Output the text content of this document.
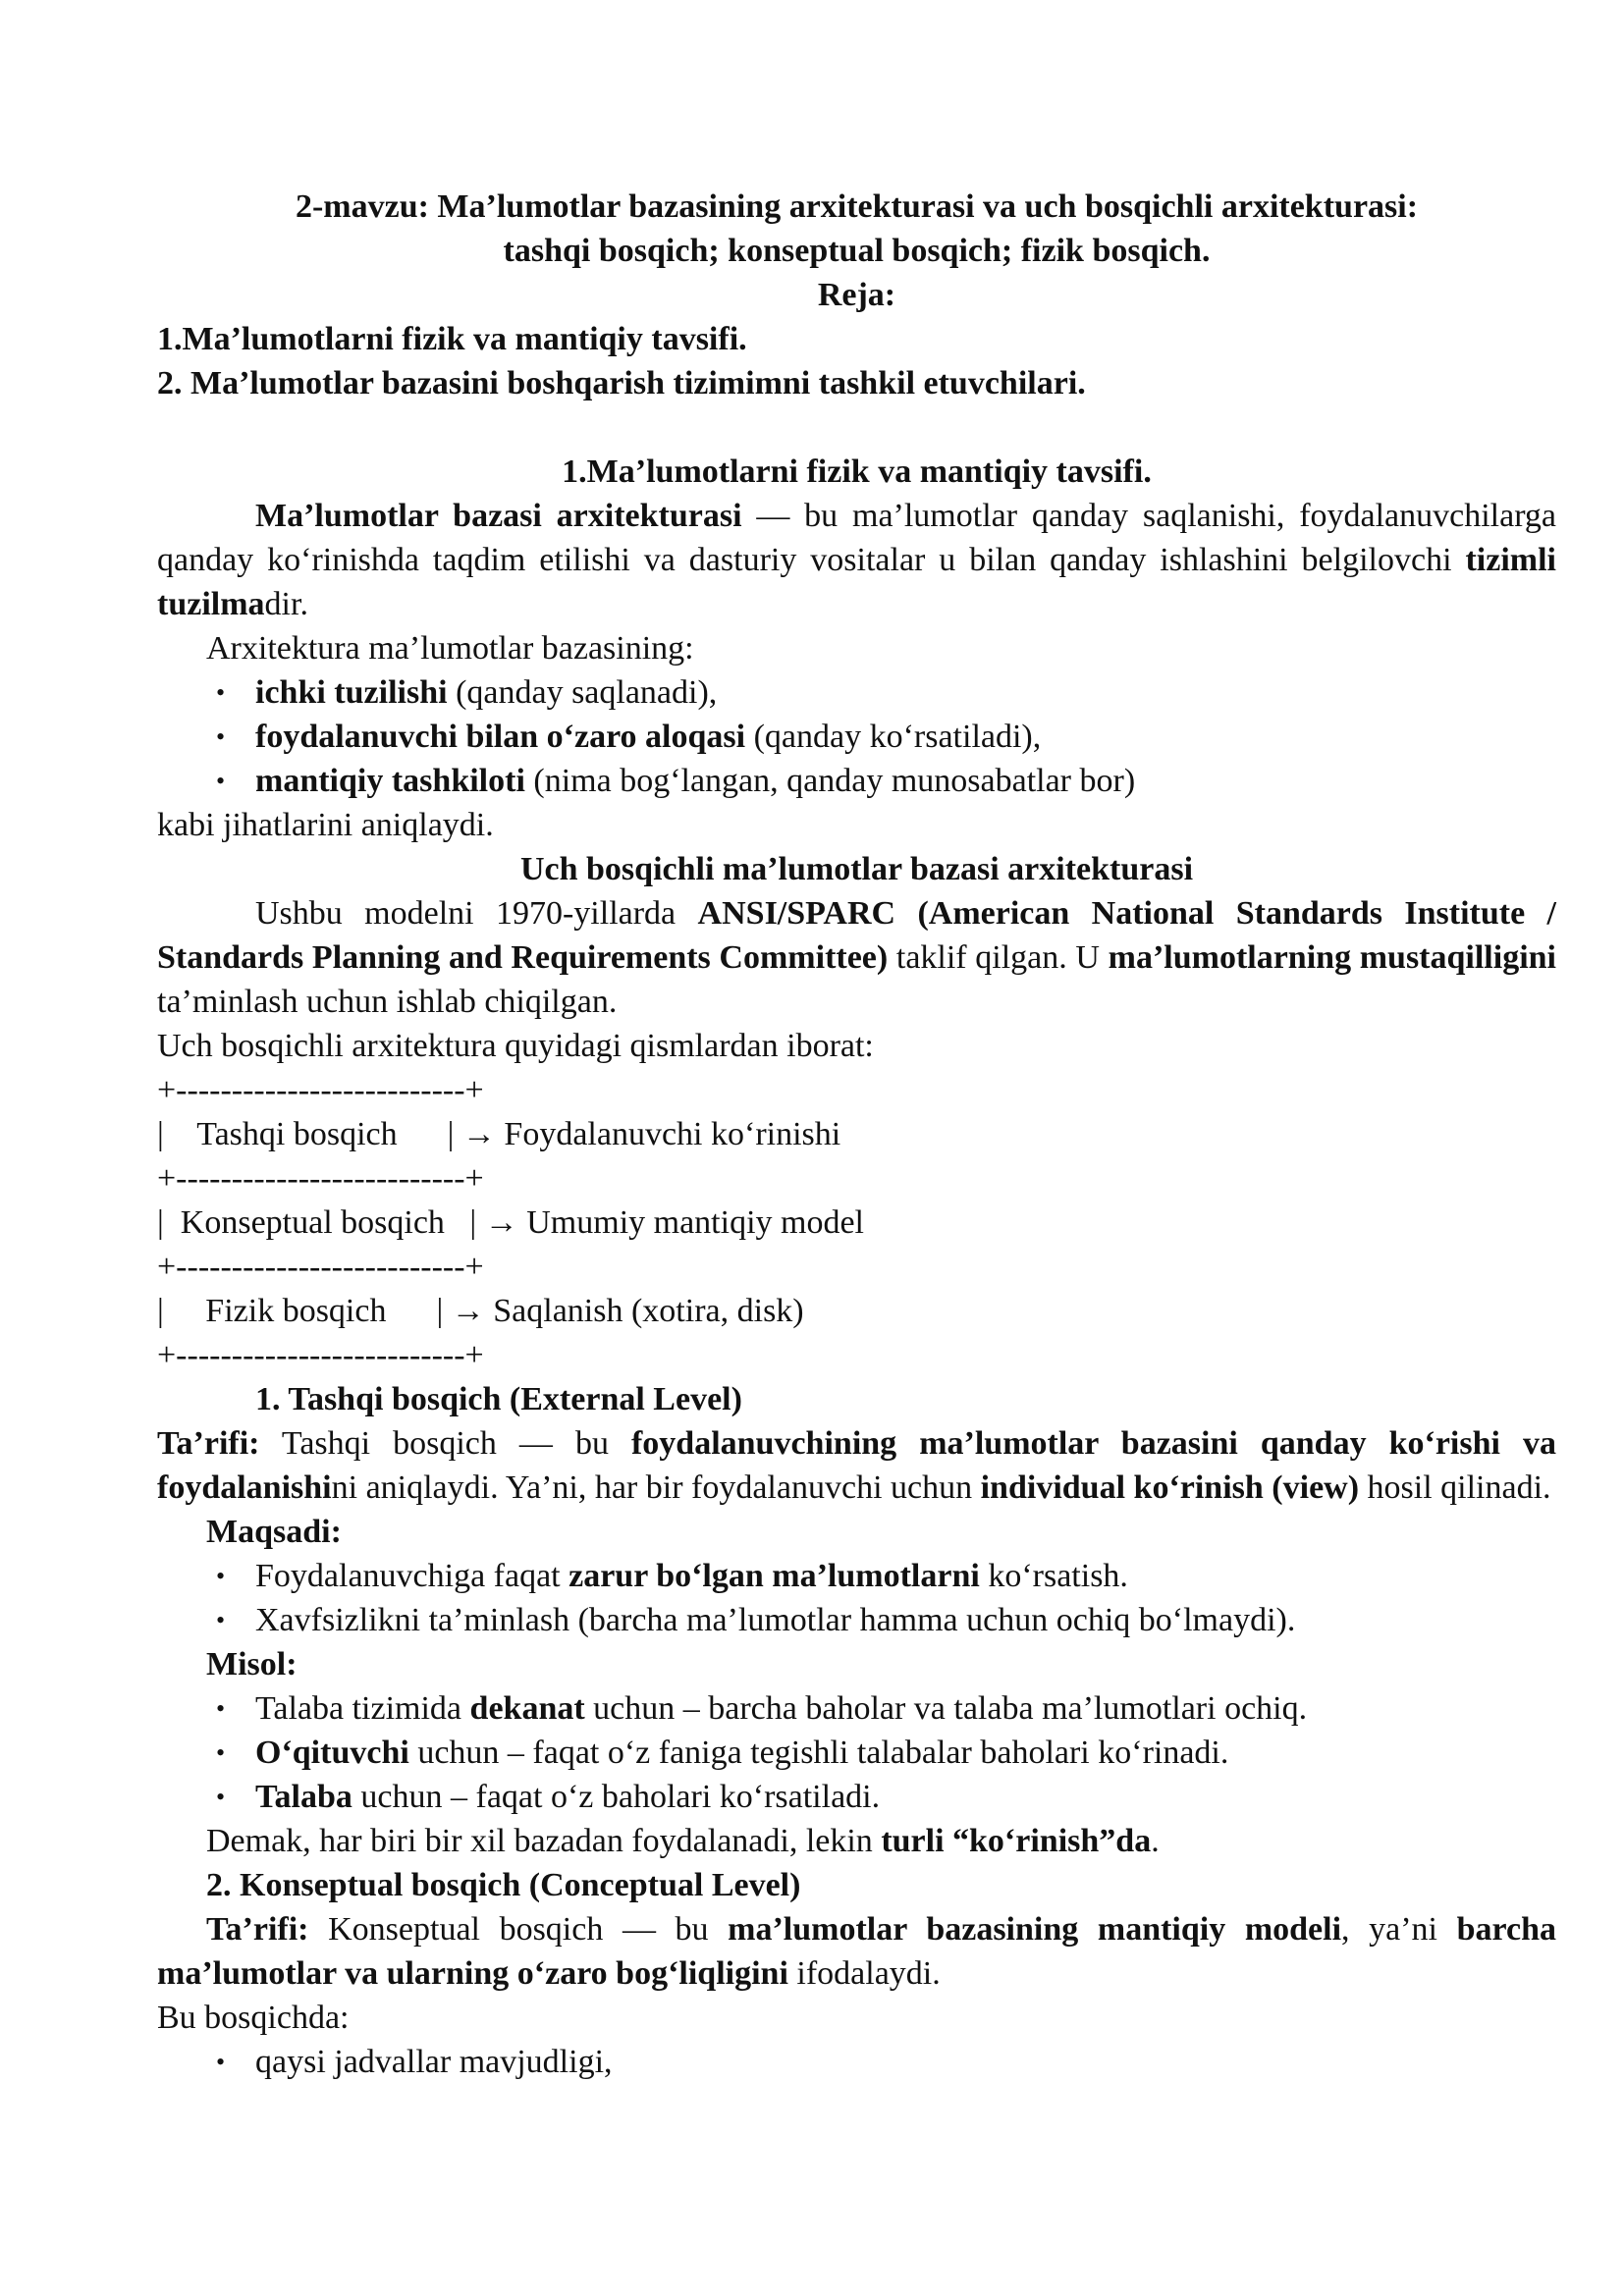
2-mavzu: Ma’lumotlar bazasining arxitekturasi va uch bosqichli arxitekturasi:

tashqi bosqich; konseptual bosqich; fizik bosqich.

Reja:

1.Ma’lumotlarni fizik va mantiqiy tavsifi.

2. Ma’lumotlar bazasini boshqarish tizimimni tashkil etuvchilari.

1.Ma’lumotlarni fizik va mantiqiy tavsifi.

Ma’lumotlar bazasi arxitekturasi — bu ma’lumotlar qanday saqlanishi, foydalanuvchilarga qanday ko‘rinishda taqdim etilishi va dasturiy vositalar u bilan qanday ishlashini belgilovchi tizimli tuzilmadir.

Arxitektura ma’lumotlar bazasining:

• ichki tuzilishi (qanday saqlanadi),
• foydalanuvchi bilan o‘zaro aloqasi (qanday ko‘rsatiladi),
• mantiqiy tashkiloti (nima bog‘langan, qanday munosabatlar bor)

kabi jihatlarini aniqlaydi.

Uch bosqichli ma’lumotlar bazasi arxitekturasi

Ushbu modelni 1970-yillarda ANSI/SPARC (American National Standards Institute / Standards Planning and Requirements Committee) taklif qilgan. U ma’lumotlarning mustaqilligini ta’minlash uchun ishlab chiqilgan.

Uch bosqichli arxitektura quyidagi qismlardan iborat:

+--------------------------+

|    Tashqi bosqich      | → Foydalanuvchi ko‘rinishi

+--------------------------+

|  Konseptual bosqich   | → Umumiy mantiqiy model

+--------------------------+

|     Fizik bosqich      | → Saqlanish (xotira, disk)

+--------------------------+

1. Tashqi bosqich (External Level)

Ta’rifi: Tashqi bosqich — bu foydalanuvchining ma’lumotlar bazasini qanday ko‘rishi va foydalanishini aniqlaydi. Ya’ni, har bir foydalanuvchi uchun individual ko‘rinish (view) hosil qilinadi.

Maqsadi:

• Foydalanuvchiga faqat zarur bo‘lgan ma’lumotlarni ko‘rsatish.
• Xavfsizlikni ta’minlash (barcha ma’lumotlar hamma uchun ochiq bo‘lmaydi).

Misol:

• Talaba tizimida dekanat uchun – barcha baholar va talaba ma’lumotlari ochiq.
• O‘qituvchi uchun – faqat o‘z faniga tegishli talabalar baholari ko‘rinadi.
• Talaba uchun – faqat o‘z baholari ko‘rsatiladi.

Demak, har biri bir xil bazadan foydalanadi, lekin turli “ko‘rinish”da.

2. Konseptual bosqich (Conceptual Level)

Ta’rifi: Konseptual bosqich — bu ma’lumotlar bazasining mantiqiy modeli, ya’ni barcha ma’lumotlar va ularning o‘zaro bog‘liqligini ifodalaydi.

Bu bosqichda:

• qaysi jadvallar mavjudligi,
